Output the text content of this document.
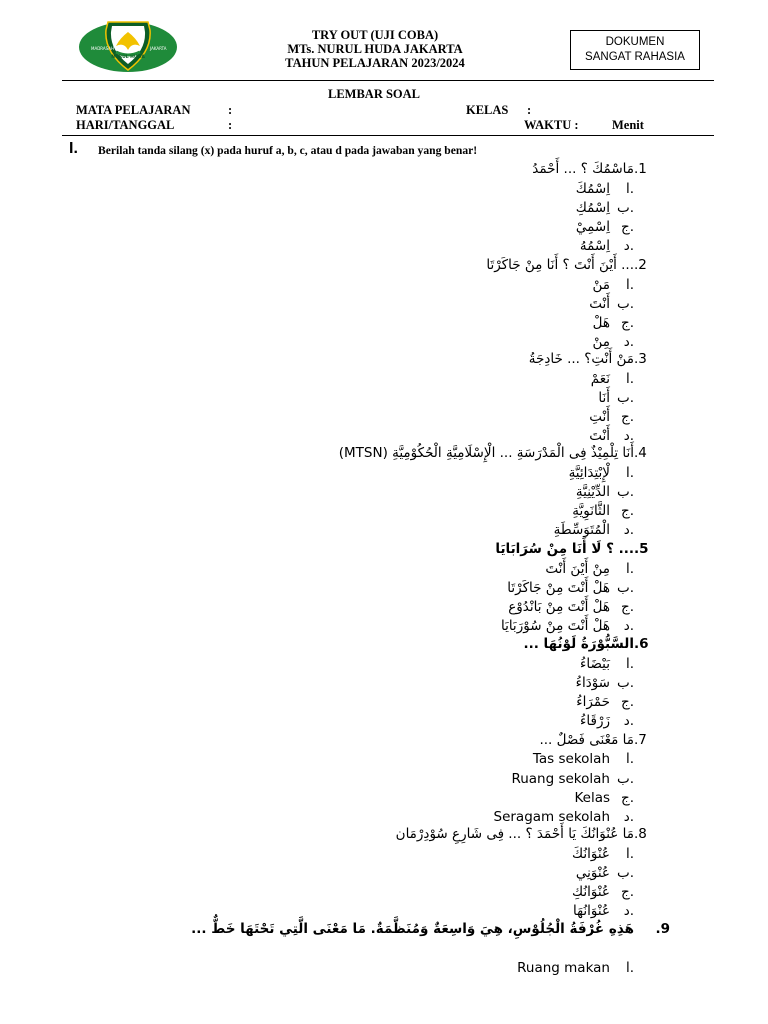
NURUL HUDA
MADRASAH	JAKARTA
TRY OUT (UJI COBA)
MTs. NURUL HUDA JAKARTA
TAHUN PELAJARAN 2023/2024
DOKUMEN
SANGAT RAHASIA
LEMBAR SOAL
MATA PELAJARAN	:	KELAS :
HARI/TANGGAL	:	WAKTU :	Menit
I. Berilah tanda silang (x) pada huruf a, b, c, atau d pada jawaban yang benar!
.1مَاسْمُكَ ؟ ... أَحْمَدُ
.ااِسْمُكَ
.باِسْمُكِ
.جاِسْمِيْ
.داِسْمُهُ
.2... أَيْنَ أَنْتَ ؟ أَنَا مِنْ جَاكَرْتَا
.امَنْ
.بأَنْتَ
.جهَلْ
.دمِنْ
.3مَنْ أَنْتِ؟ ... خَادِجَةُ
.انَعَمْ
.بأَنَا
.جأَنْتِ
.دأَنْتَ
.4أَنَا تِلْمِيْذٌ فِى الْمَدْرَسَةِ ... الْإِسْلَامِيَّةِ الْحُكُوْمِيَّةِ (MTSN)
.الْإِبْتِدَائِيَّةِ
.بالدِّيْنِيَّةِ
.جالثَّانَوِيَّةِ
.دالْمُتَوَسِّطَةِ
.5... ؟ لَا أَنَا مِنْ سُرَابَايَا
.امِنْ أَيْنَ أَنْتَ
.بهَلْ أَنْتَ مِنْ جَاكَرْتَا
.جهَلْ أَنْتَ مِنْ بَانْدُوْع
.دهَلْ أَنْتَ مِنْ سُوْرَبَايَا
.6السَّبُّوْرَةُ لَوْنُهَا ...
.ابَيْضَاءُ
.بسَوْدَاءُ
.جحَمْرَاءُ
.دزَرْقَاءُ
.7مَا مَعْنَى فَصْلٌ ...
.اTas sekolah
.بRuang sekolah
.جKelas
.دSeragam sekolah
.8مَا عُنْوَانُكَ يَا أَحْمَدَ ؟ ... فِى شَارِعِ سُوْدِرْمَان
.اعُنْوَانُكَ
.بعُنْوَنِي
.جعُنْوَانُكِ
.دعُنْوَانُهَا
.9هَذِهِ غُرْفَةُ الْجُلُوْسِ، هِيَ وَاسِعَةٌ وَمُنَظَّمَةٌ. مَا مَعْنَى الَّتِي تَحْتَهَا خَطٌّ ...
.اRuang makan
